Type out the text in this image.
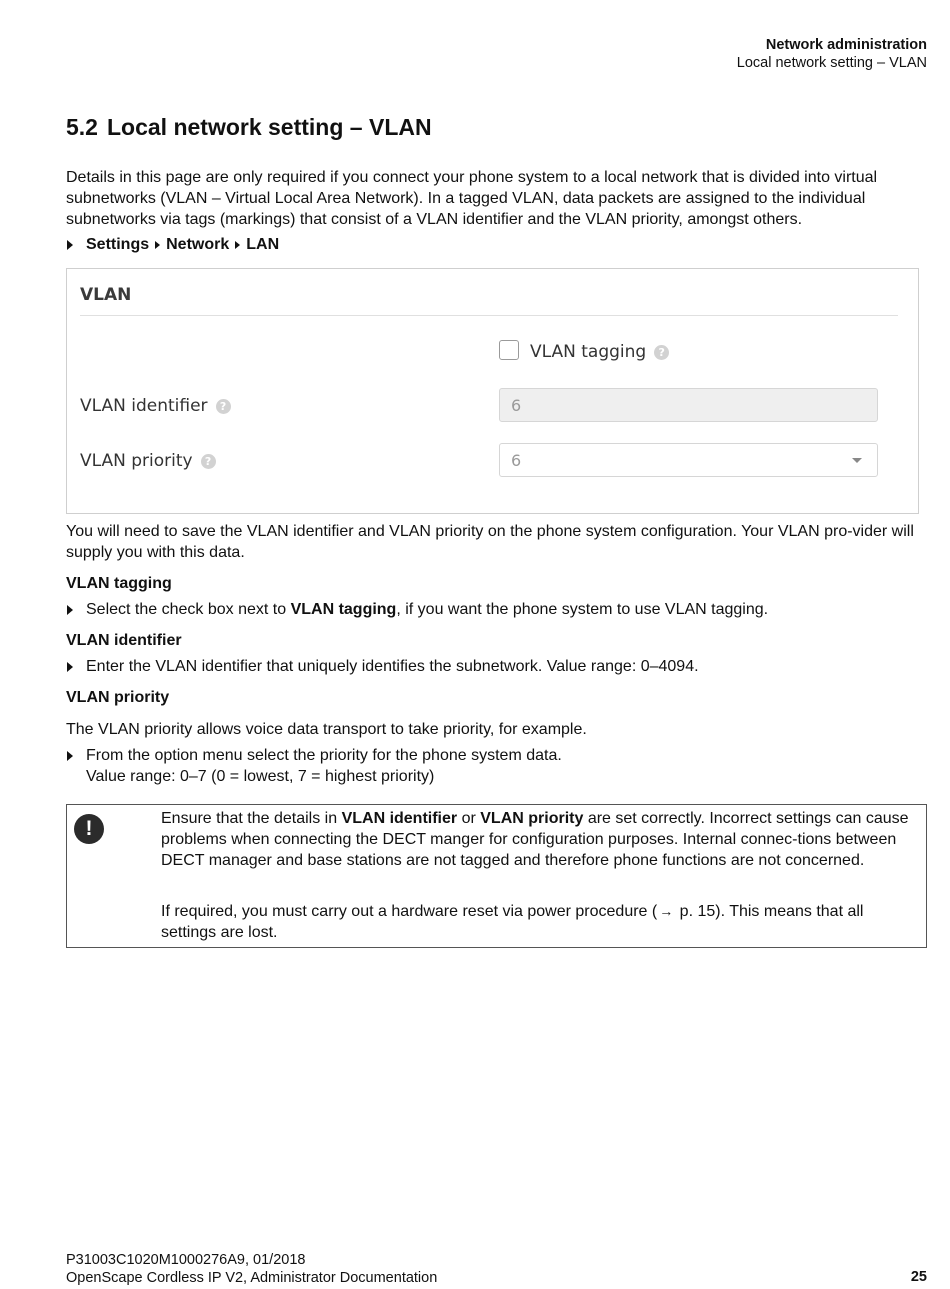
Network administration
Local network setting – VLAN
5.2 Local network setting – VLAN

Details in this page are only required if you connect your phone system to a local network that is divided into virtual subnetworks (VLAN – Virtual Local Area Network). In a tagged VLAN, data packets are assigned to the individual subnetworks via tags (markings) that consist of a VLAN identifier and the VLAN priority, amongst others.

Settings Network LAN
VLAN
VLAN tagging ?
VLAN identifier ?	6
VLAN priority ?	6

You will need to save the VLAN identifier and VLAN priority on the phone system configuration. Your VLAN pro-vider will supply you with this data.

VLAN tagging
Select the check box next to VLAN tagging, if you want the phone system to use VLAN tagging.
VLAN identifier
Enter the VLAN identifier that uniquely identifies the subnetwork. Value range: 0–4094.
VLAN priority

The VLAN priority allows voice data transport to take priority, for example.

From the option menu select the priority for the phone system data.
Value range: 0–7 (0 = lowest, 7 = highest priority)
!	Ensure that the details in VLAN identifier or VLAN priority are set correctly. Incorrect settings can cause problems when connecting the DECT manger for configuration purposes. Internal connec-tions between DECT manager and base stations are not tagged and therefore phone functions are not concerned.

If required, you must carry out a hardware reset via power procedure ( → p. 15). This means that all settings are lost.

P31003C1020M1000276A9, 01/2018
OpenScape Cordless IP V2, Administrator Documentation	25
